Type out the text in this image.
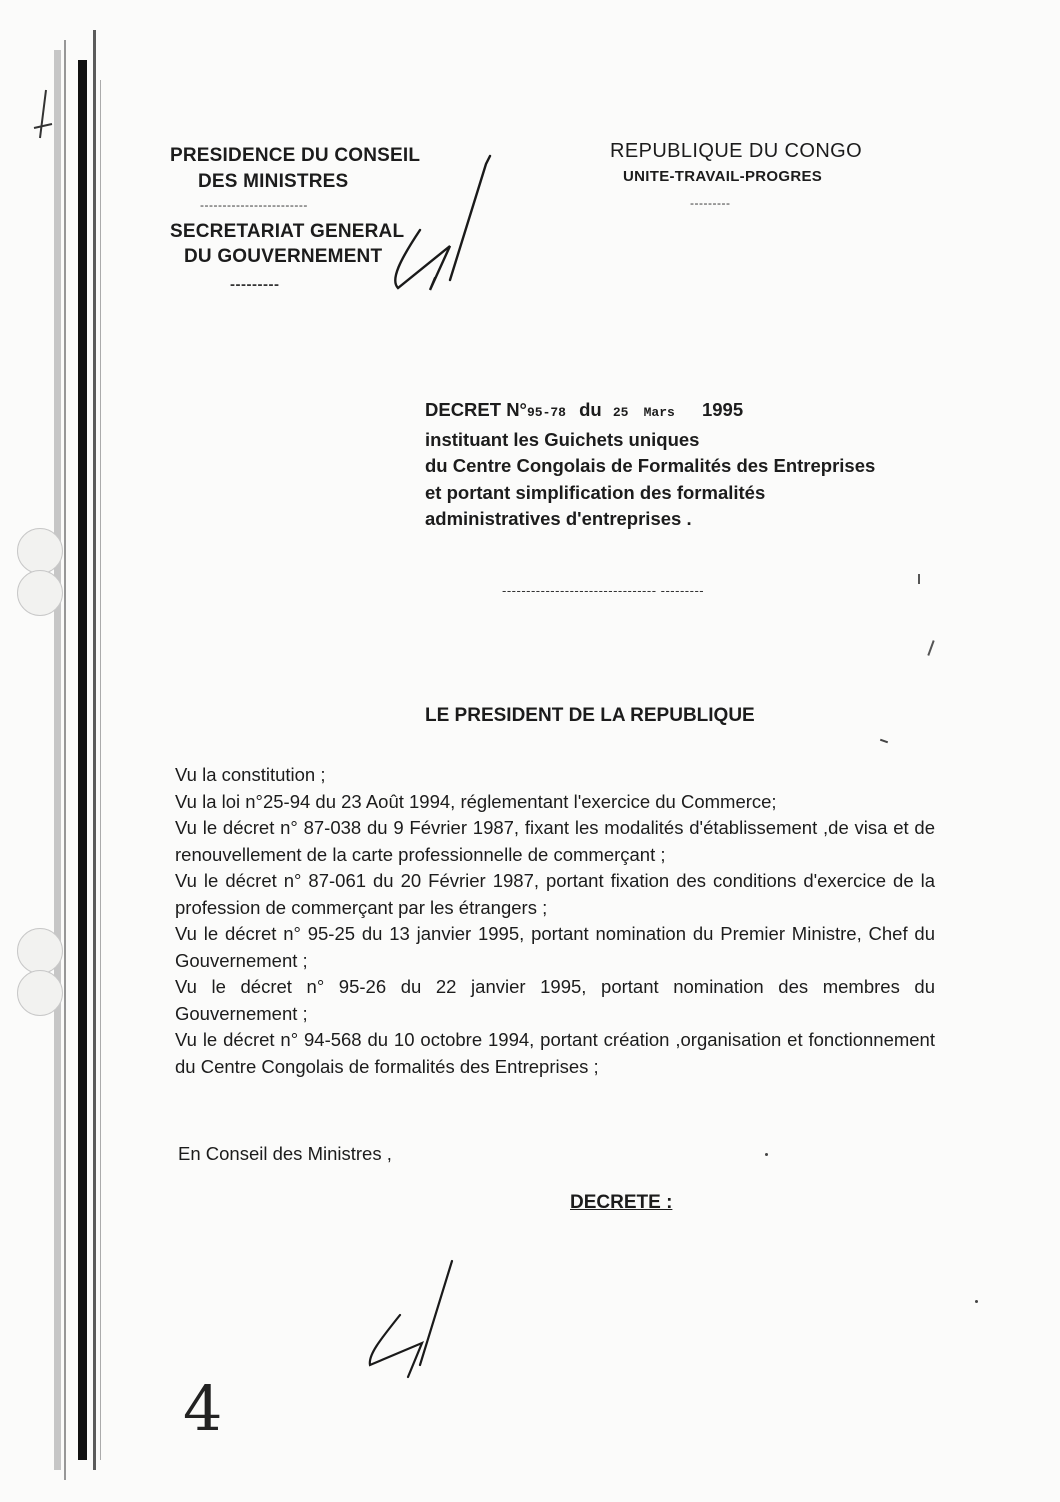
PRESIDENCE DU CONSEIL
DES MINISTRES
------------------------
SECRETARIAT GENERAL
DU GOUVERNEMENT
---------
REPUBLIQUE DU CONGO
UNITE-TRAVAIL-PROGRES
---------
DECRET N°95-78 du 25 Mars 1995
instituant les Guichets uniques
du Centre Congolais de Formalités des Entreprises
et portant simplification des formalités
administratives d'entreprises .
-------------------------------- ---------
LE PRESIDENT DE LA REPUBLIQUE

Vu la constitution ;

Vu la loi n°25-94 du 23 Août 1994, réglementant l'exercice du Commerce;

Vu le décret n° 87-038 du 9 Février 1987, fixant les modalités d'établissement ,de visa et de renouvellement de la carte professionnelle de commerçant ;

Vu le décret n° 87-061 du 20 Février 1987, portant fixation des conditions d'exercice de la profession de commerçant par les étrangers ;

Vu le décret n° 95-25 du 13 janvier 1995, portant nomination du Premier Ministre, Chef du Gouvernement ;

Vu le décret n° 95-26 du 22 janvier 1995, portant nomination des membres du Gouvernement ;

Vu le décret n° 94-568 du 10 octobre 1994, portant création ,organisation et fonctionnement du Centre Congolais de formalités des Entreprises ;

En Conseil des Ministres ,
DECRETE :
4
